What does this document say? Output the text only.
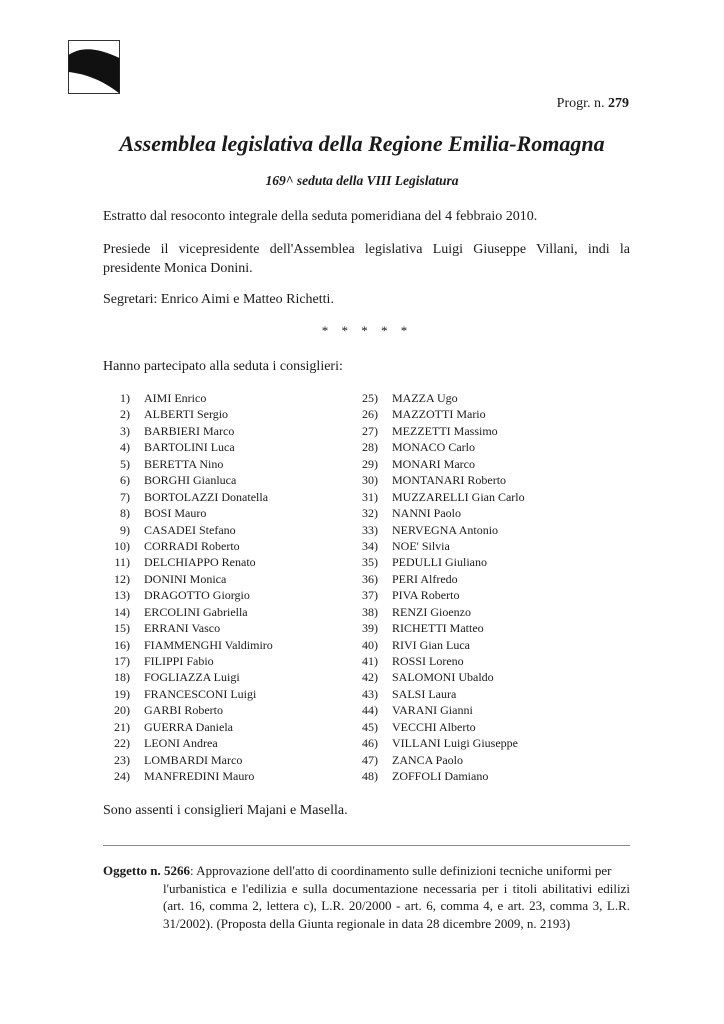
Progr. n. 279
Assemblea legislativa della Regione Emilia-Romagna
169^ seduta della VIII Legislatura
Estratto dal resoconto integrale della seduta pomeridiana del 4 febbraio 2010.
Presiede il vicepresidente dell'Assemblea legislativa Luigi Giuseppe Villani, indi la presidente Monica Donini.
Segretari: Enrico Aimi e Matteo Richetti.
* * * * *
Hanno partecipato alla seduta i consiglieri:
1) AIMI Enrico
2) ALBERTI Sergio
3) BARBIERI Marco
4) BARTOLINI Luca
5) BERETTA Nino
6) BORGHI Gianluca
7) BORTOLAZZI Donatella
8) BOSI Mauro
9) CASADEI Stefano
10) CORRADI Roberto
11) DELCHIAPPO Renato
12) DONINI Monica
13) DRAGOTTO Giorgio
14) ERCOLINI Gabriella
15) ERRANI Vasco
16) FIAMMENGHI Valdimiro
17) FILIPPI Fabio
18) FOGLIAZZA Luigi
19) FRANCESCONI Luigi
20) GARBI Roberto
21) GUERRA Daniela
22) LEONI Andrea
23) LOMBARDI Marco
24) MANFREDINI Mauro
25) MAZZA Ugo
26) MAZZOTTI Mario
27) MEZZETTI Massimo
28) MONACO Carlo
29) MONARI Marco
30) MONTANARI Roberto
31) MUZZARELLI Gian Carlo
32) NANNI Paolo
33) NERVEGNA Antonio
34) NOE' Silvia
35) PEDULLI Giuliano
36) PERI Alfredo
37) PIVA Roberto
38) RENZI Gioenzo
39) RICHETTI Matteo
40) RIVI Gian Luca
41) ROSSI Loreno
42) SALOMONI Ubaldo
43) SALSI Laura
44) VARANI Gianni
45) VECCHI Alberto
46) VILLANI Luigi Giuseppe
47) ZANCA Paolo
48) ZOFFOLI Damiano
Sono assenti i consiglieri Majani e Masella.
Oggetto n. 5266: Approvazione dell'atto di coordinamento sulle definizioni tecniche uniformi per
l'urbanistica e l'edilizia e sulla documentazione necessaria per i titoli abilitativi edilizi (art. 16, comma 2, lettera c), L.R. 20/2000 - art. 6, comma 4, e art. 23, comma 3, L.R. 31/2002). (Proposta della Giunta regionale in data 28 dicembre 2009, n. 2193)
